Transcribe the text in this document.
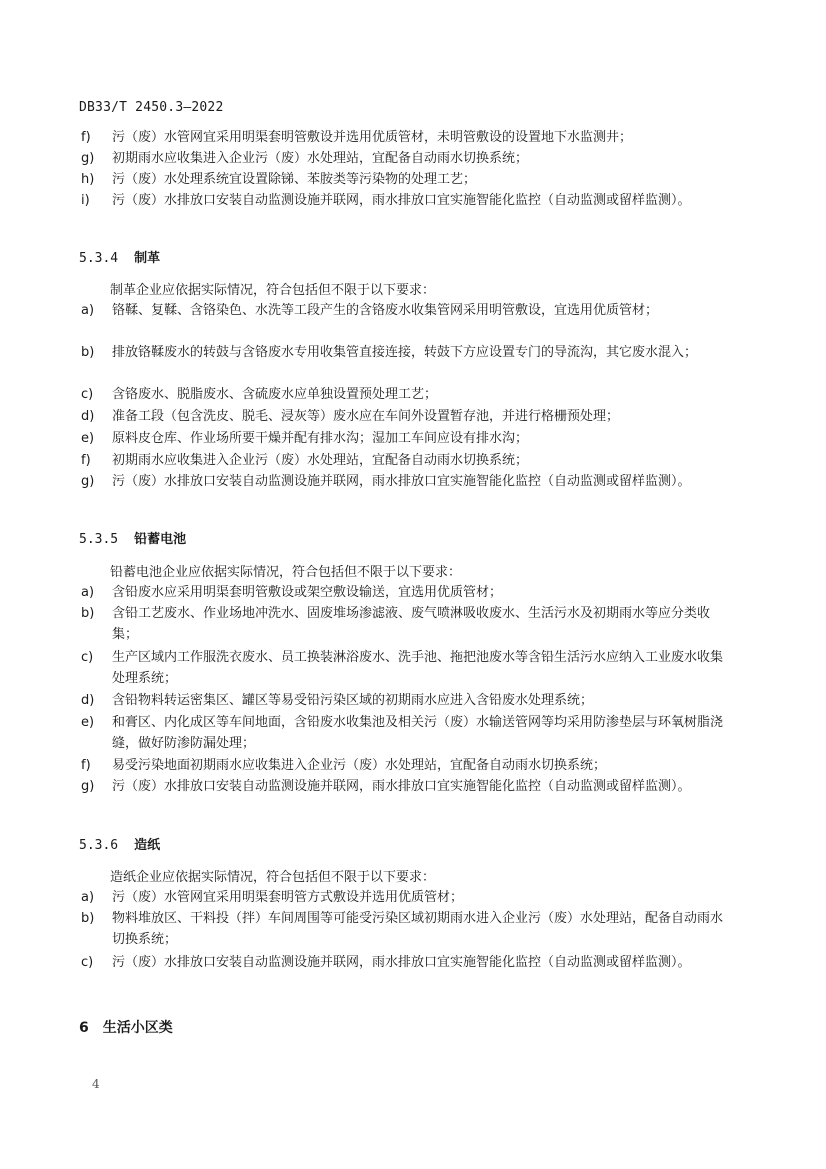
DB33/T 2450.3—2022
f)	污（废）水管网宜采用明渠套明管敷设并选用优质管材，未明管敷设的设置地下水监测井；
g)	初期雨水应收集进入企业污（废）水处理站，宜配备自动雨水切换系统；
h)	污（废）水处理系统宜设置除锑、苯胺类等污染物的处理工艺；
i)	污（废）水排放口安装自动监测设施并联网，雨水排放口宜实施智能化监控（自动监测或留样监测）。
5.3.4 制革
制革企业应依据实际情况，符合包括但不限于以下要求：
a)	铬鞣、复鞣、含铬染色、水洗等工段产生的含铬废水收集管网采用明管敷设，宜选用优质管材；
b)	排放铬鞣废水的转鼓与含铬废水专用收集管直接连接，转鼓下方应设置专门的导流沟，其它废水混入；
c)	含铬废水、脱脂废水、含硫废水应单独设置预处理工艺；
d)	准备工段（包含洗皮、脱毛、浸灰等）废水应在车间外设置暂存池，并进行格栅预处理；
e)	原料皮仓库、作业场所要干燥并配有排水沟；湿加工车间应设有排水沟；
f)	初期雨水应收集进入企业污（废）水处理站，宜配备自动雨水切换系统；
g)	污（废）水排放口安装自动监测设施并联网，雨水排放口宜实施智能化监控（自动监测或留样监测）。
5.3.5 铅蓄电池
铅蓄电池企业应依据实际情况，符合包括但不限于以下要求：
a)	含铅废水应采用明渠套明管敷设或架空敷设输送，宜选用优质管材；
b)	含铅工艺废水、作业场地冲洗水、固废堆场渗滤液、废气喷淋吸收废水、生活污水及初期雨水等应分类收集；
c)	生产区域内工作服洗衣废水、员工换装淋浴废水、洗手池、拖把池废水等含铅生活污水应纳入工业废水收集处理系统；
d)	含铅物料转运密集区、罐区等易受铅污染区域的初期雨水应进入含铅废水处理系统；
e)	和膏区、内化成区等车间地面，含铅废水收集池及相关污（废）水输送管网等均采用防渗垫层与环氧树脂浇缝，做好防渗防漏处理；
f)	易受污染地面初期雨水应收集进入企业污（废）水处理站，宜配备自动雨水切换系统；
g)	污（废）水排放口安装自动监测设施并联网，雨水排放口宜实施智能化监控（自动监测或留样监测）。
5.3.6 造纸
造纸企业应依据实际情况，符合包括但不限于以下要求：
a)	污（废）水管网宜采用明渠套明管方式敷设并选用优质管材；
b)	物料堆放区、干料投（拌）车间周围等可能受污染区域初期雨水进入企业污（废）水处理站，配备自动雨水切换系统；
c)	污（废）水排放口安装自动监测设施并联网，雨水排放口宜实施智能化监控（自动监测或留样监测）。
6 生活小区类
4
